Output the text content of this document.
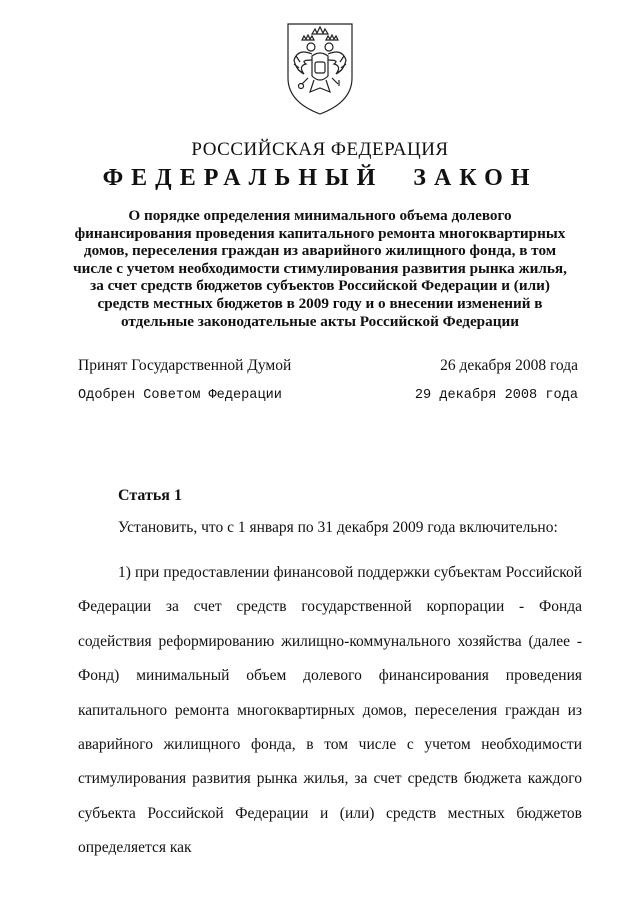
РОССИЙСКАЯ ФЕДЕРАЦИЯ
ФЕДЕРАЛЬНЫЙ ЗАКОН
О порядке определения минимального объема долевого финансирования проведения капитального ремонта многоквартирных домов, переселения граждан из аварийного жилищного фонда, в том числе с учетом необходимости стимулирования развития рынка жилья, за счет средств бюджетов субъектов Российской Федерации и (или) средств местных бюджетов в 2009 году и о внесении изменений в отдельные законодательные акты Российской Федерации
Принят Государственной Думой	26 декабря 2008 года
Одобрен Советом Федерации	29 декабря 2008 года
Статья 1
Установить, что с 1 января по 31 декабря 2009 года включительно:
1) при предоставлении финансовой поддержки субъектам Российской Федерации за счет средств государственной корпорации - Фонда содействия реформированию жилищно-коммунального хозяйства (далее - Фонд) минимальный объем долевого финансирования проведения капитального ремонта многоквартирных домов, переселения граждан из аварийного жилищного фонда, в том числе с учетом необходимости стимулирования развития рынка жилья, за счет средств бюджета каждого субъекта Российской Федерации и (или) средств местных бюджетов определяется как
